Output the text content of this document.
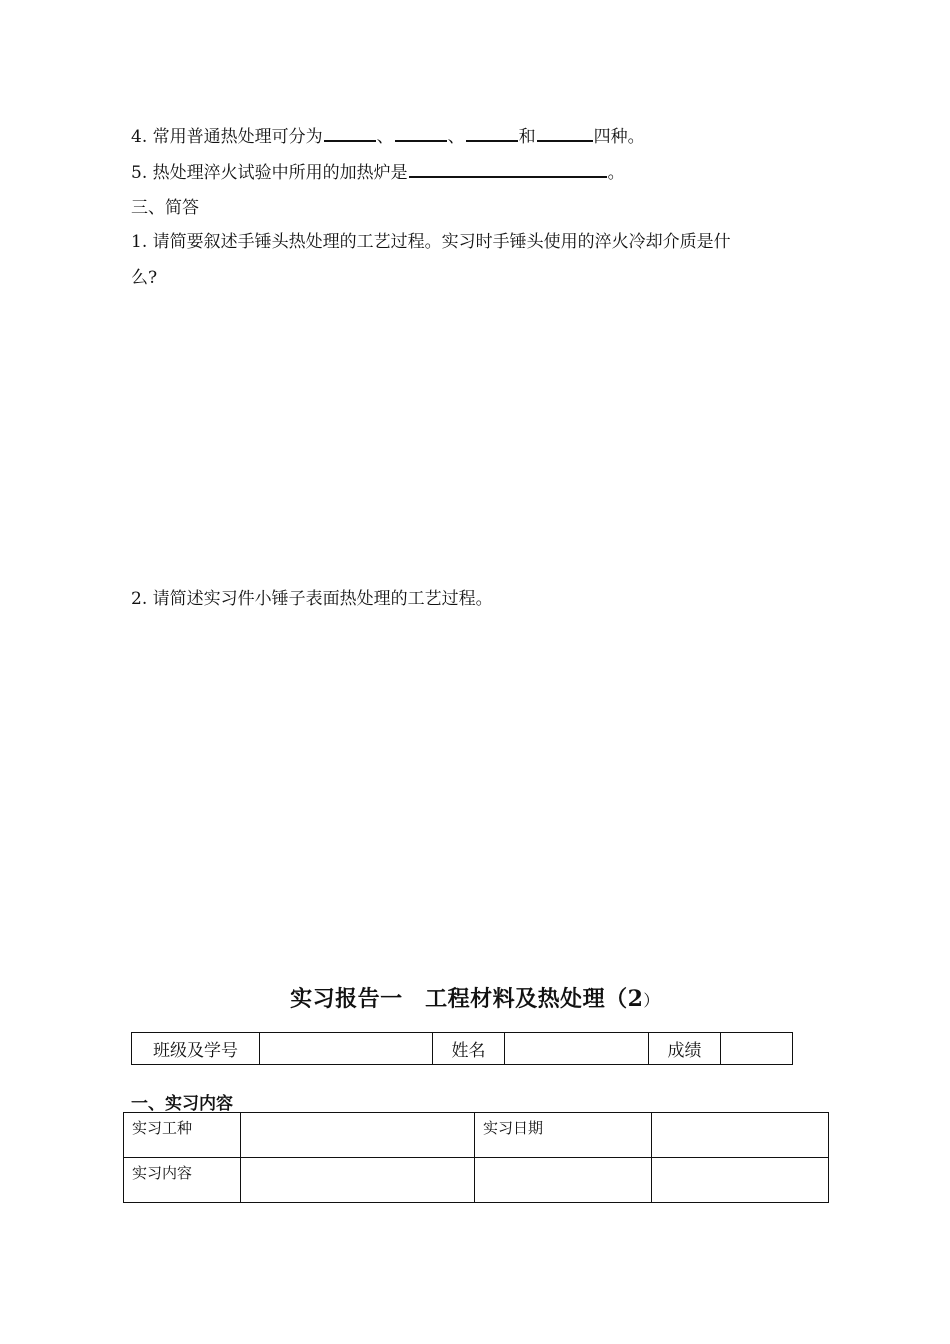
4. 常用普通热处理可分为	、	、	和	四种。
5. 热处理淬火试验中所用的加热炉是	。
三、简答
1. 请简要叙述手锤头热处理的工艺过程。实习时手锤头使用的淬火冷却介质是什
么?
2. 请简述实习件小锤子表面热处理的工艺过程。
实习报告一　工程材料及热处理（2）
班级及学号		姓名		成绩	
一、实习内容
实习工种		实习日期	
实习内容			
